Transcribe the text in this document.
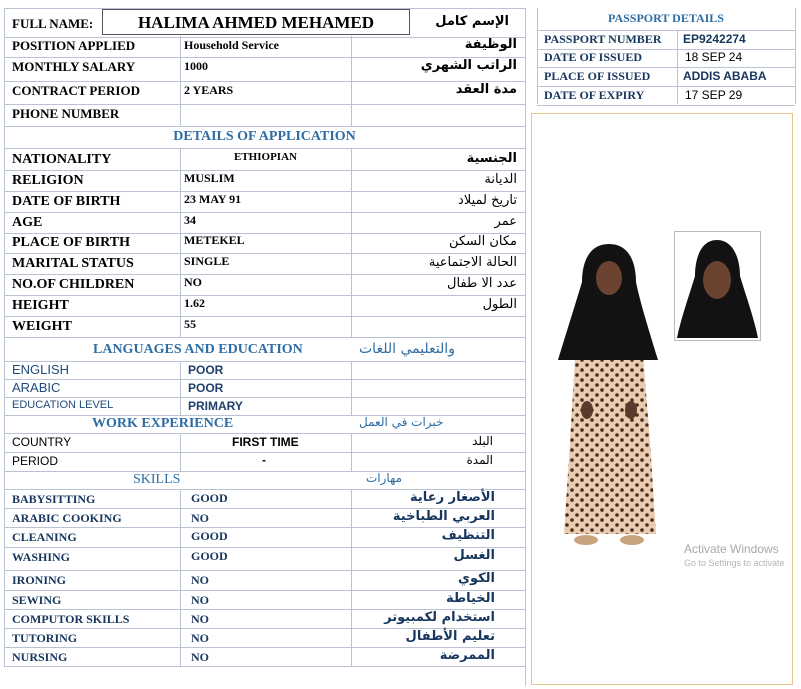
FULL NAME:	HALIMA AHMED MEHAMED	الإسم كامل
POSITION APPLIED	Household Service	الوظيفة
MONTHLY SALARY	1000	الراتب الشهري
CONTRACT PERIOD	2 YEARS	مدة العقد
PHONE NUMBER
DETAILS OF APPLICATION
NATIONALITY	ETHIOPIAN	الجنسية
RELIGION	MUSLIM	الديانة
DATE OF BIRTH	23 MAY 91	تاريخ لميلاد
AGE	34	عمر
PLACE OF BIRTH	METEKEL	مكان السكن
MARITAL STATUS	SINGLE	الحالة الاجتماعية
NO.OF CHILDREN	NO	عدد الا طفال
HEIGHT	1.62	الطول
WEIGHT	55
LANGUAGES AND EDUCATION	والتعليمي اللغات
ENGLISH	POOR
ARABIC	POOR
EDUCATION LEVEL	PRIMARY
WORK EXPERIENCE	خبرات في العمل
COUNTRY	FIRST TIME	البلد
PERIOD	-	المدة
SKILLS	مهارات
BABYSITTING	GOOD	الأصغار رعاية
ARABIC COOKING	NO	العربي الطباخية
CLEANING	GOOD	التنظيف
WASHING	GOOD	الغسل
IRONING	NO	الكوي
SEWING	NO	الخياطة
COMPUTOR SKILLS	NO	استخدام لكمبيوتر
TUTORING	NO	تعليم الأطفال
NURSING	NO	الممرضة
PASSPORT DETAILS
PASSPORT NUMBER EP9242274
DATE OF ISSUED	18 SEP 24
PLACE OF ISSUED	ADDIS ABABA
DATE OF EXPIRY	17 SEP 29
Activate Windows
Go to Settings to activate
